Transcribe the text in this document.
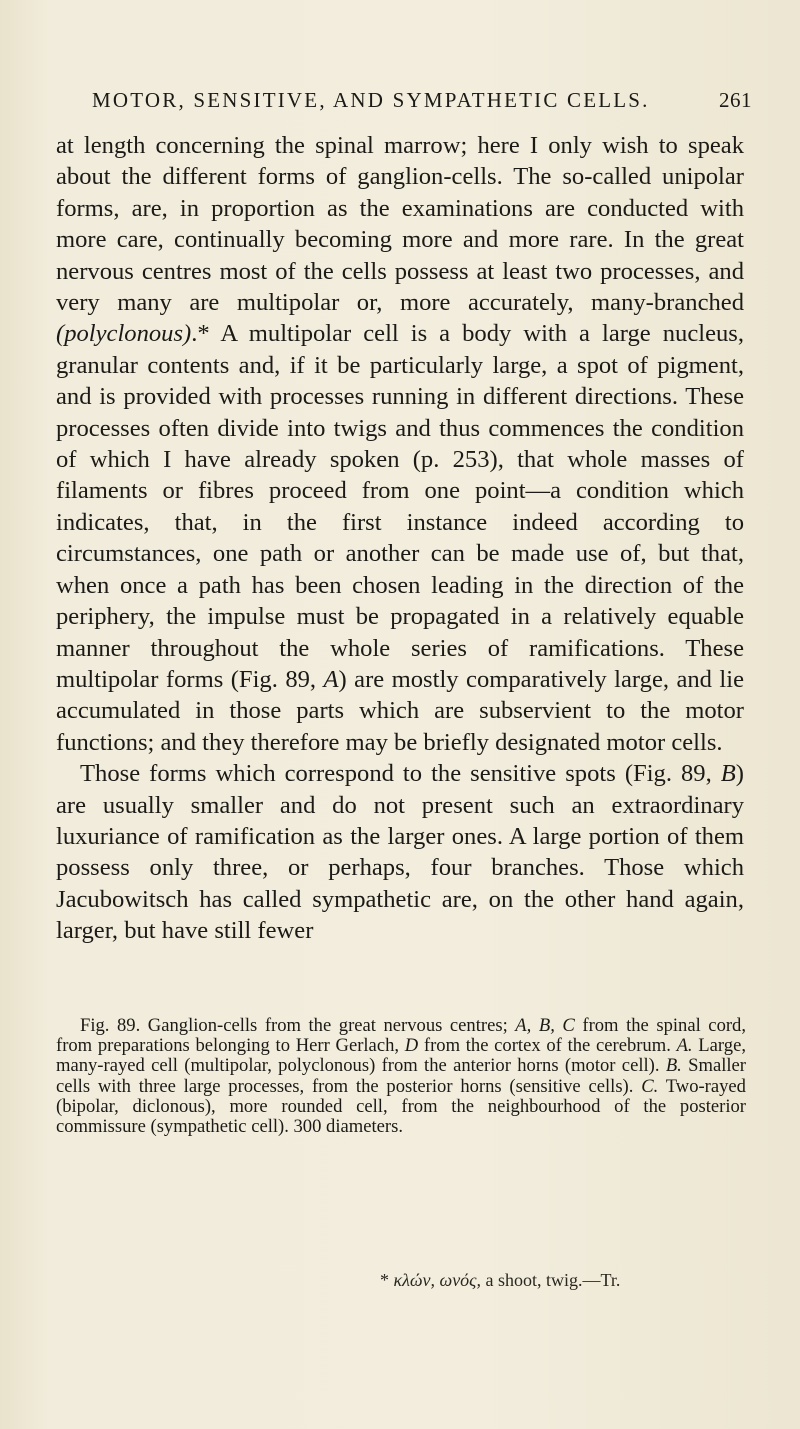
MOTOR, SENSITIVE, AND SYMPATHETIC CELLS.	261

at length concerning the spinal marrow; here I only wish to speak about the different forms of ganglion-cells. The so-called unipolar forms, are, in proportion as the examinations are conducted with more care, continually becoming more and more rare. In the great nervous centres most of the cells possess at least two processes, and very many are multipolar or, more accurately, many-branched (polyclonous).* A multipolar cell is a body with a large nucleus, granular contents and, if it be particularly large, a spot of pigment, and is provided with processes running in different directions. These processes often divide into twigs and thus commences the condition of which I have already spoken (p. 253), that whole masses of filaments or fibres proceed from one point—a condition which indicates, that, in the first instance indeed according to circumstances, one path or another can be made use of, but that, when once a path has been chosen leading in the direction of the periphery, the impulse must be propagated in a relatively equable manner throughout the whole series of ramifications. These multipolar forms (Fig. 89, A) are mostly comparatively large, and lie accumulated in those parts which are subservient to the motor functions; and they therefore may be briefly designated motor cells.

Those forms which correspond to the sensitive spots (Fig. 89, B) are usually smaller and do not present such an extraordinary luxuriance of ramification as the larger ones. A large portion of them possess only three, or perhaps, four branches. Those which Jacubowitsch has called sympathetic are, on the other hand again, larger, but have still fewer

Fig. 89. Ganglion-cells from the great nervous centres; A, B, C from the spinal cord, from preparations belonging to Herr Gerlach, D from the cortex of the cerebrum. A. Large, many-rayed cell (multipolar, polyclonous) from the anterior horns (motor cell). B. Smaller cells with three large processes, from the posterior horns (sensitive cells). C. Two-rayed (bipolar, diclonous), more rounded cell, from the neighbourhood of the posterior commissure (sympathetic cell). 300 diameters.

* κλών, ωνός, a shoot, twig.—Tr.
